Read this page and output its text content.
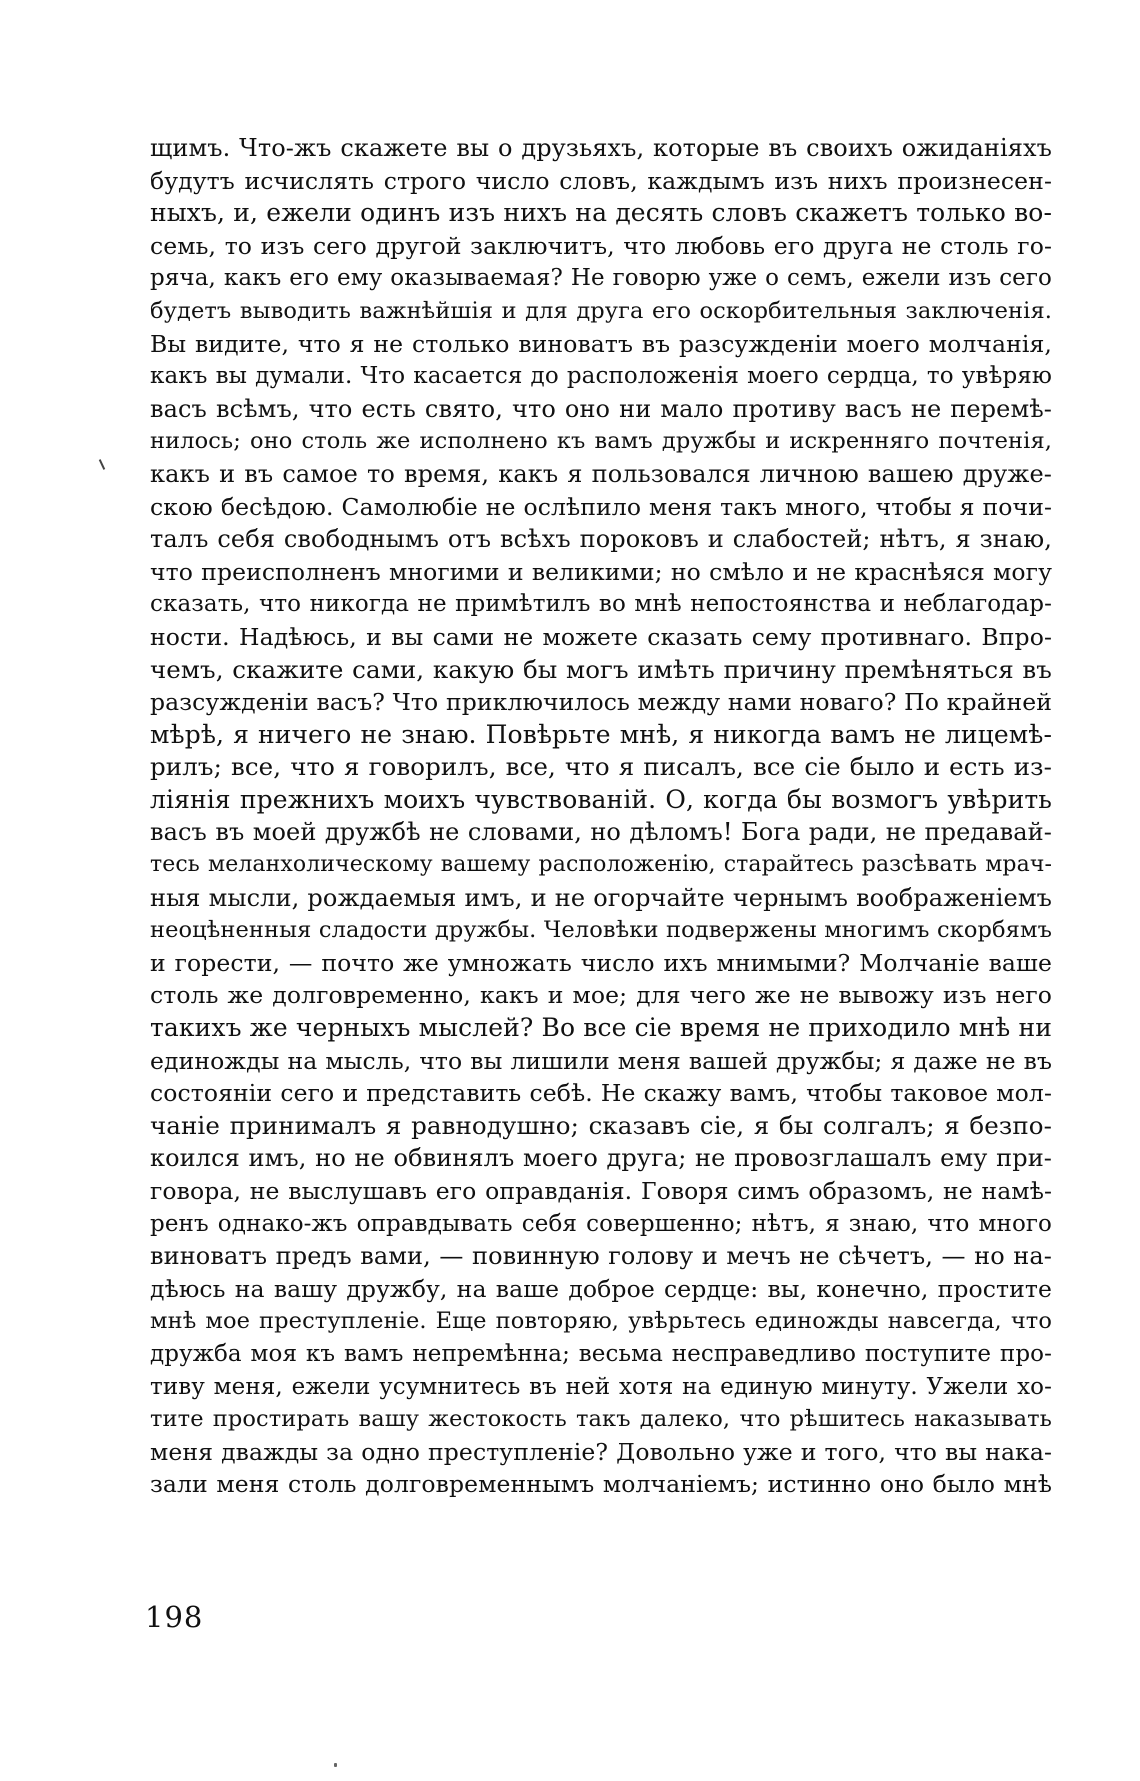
щимъ. Что-жъ скажете вы о друзьяхъ, которые въ своихъ ожиданіяхъ
будутъ исчислять строго число словъ, каждымъ изъ нихъ произнесен-
ныхъ, и, ежели одинъ изъ нихъ на десять словъ скажетъ только во-
семь, то изъ сего другой заключитъ, что любовь его друга не столь го-
ряча, какъ его ему оказываемая? Не говорю уже о семъ, ежели изъ сего
будетъ выводить важнѣйшія и для друга его оскорбительныя заключенія.
Вы видите, что я не столько виноватъ въ разсужденіи моего молчанія,
какъ вы думали. Что касается до расположенія моего сердца, то увѣряю
васъ всѣмъ, что есть свято, что оно ни мало противу васъ не перемѣ-
нилось; оно столь же исполнено къ вамъ дружбы и искренняго почтенія,
какъ и въ самое то время, какъ я пользовался личною вашею друже-
скою бесѣдою. Самолюбіе не ослѣпило меня такъ много, чтобы я почи-
талъ себя свободнымъ отъ всѣхъ пороковъ и слабостей; нѣтъ, я знаю,
что преисполненъ многими и великими; но смѣло и не краснѣяся могу
сказать, что никогда не примѣтилъ во мнѣ непостоянства и неблагодар-
ности. Надѣюсь, и вы сами не можете сказать сему противнаго. Впро-
чемъ, скажите сами, какую бы могъ имѣть причину премѣняться въ
разсужденіи васъ? Что приключилось между нами новаго? По крайней
мѣрѣ, я ничего не знаю. Повѣрьте мнѣ, я никогда вамъ не лицемѣ-
рилъ; все, что я говорилъ, все, что я писалъ, все сіе было и есть из-
ліянія прежнихъ моихъ чувствованій. О, когда бы возмогъ увѣрить
васъ въ моей дружбѣ не словами, но дѣломъ! Бога ради, не предавай-
тесь меланхолическому вашему расположенію, старайтесь разсѣвать мрач-
ныя мысли, рождаемыя имъ, и не огорчайте чернымъ воображеніемъ
неоцѣненныя сладости дружбы. Человѣки подвержены многимъ скорбямъ
и горести, — почто же умножать число ихъ мнимыми? Молчаніе ваше
столь же долговременно, какъ и мое; для чего же не вывожу изъ него
такихъ же черныхъ мыслей? Во все сіе время не приходило мнѣ ни
единожды на мысль, что вы лишили меня вашей дружбы; я даже не въ
состояніи сего и представить себѣ. Не скажу вамъ, чтобы таковое мол-
чаніе принималъ я равнодушно; сказавъ сіе, я бы солгалъ; я безпо-
коился имъ, но не обвинялъ моего друга; не провозглашалъ ему при-
говора, не выслушавъ его оправданія. Говоря симъ образомъ, не намѣ-
ренъ однако-жъ оправдывать себя совершенно; нѣтъ, я знаю, что много
виноватъ предъ вами, — повинную голову и мечъ не сѣчетъ, — но на-
дѣюсь на вашу дружбу, на ваше доброе сердце: вы, конечно, простите
мнѣ мое преступленіе. Еще повторяю, увѣрьтесь единожды навсегда, что
дружба моя къ вамъ непремѣнна; весьма несправедливо поступите про-
тиву меня, ежели усумнитесь въ ней хотя на единую минуту. Ужели хо-
тите простирать вашу жестокость такъ далеко, что рѣшитесь наказывать
меня дважды за одно преступленіе? Довольно уже и того, что вы нака-
зали меня столь долговременнымъ молчаніемъ; истинно оно было мнѣ
198
